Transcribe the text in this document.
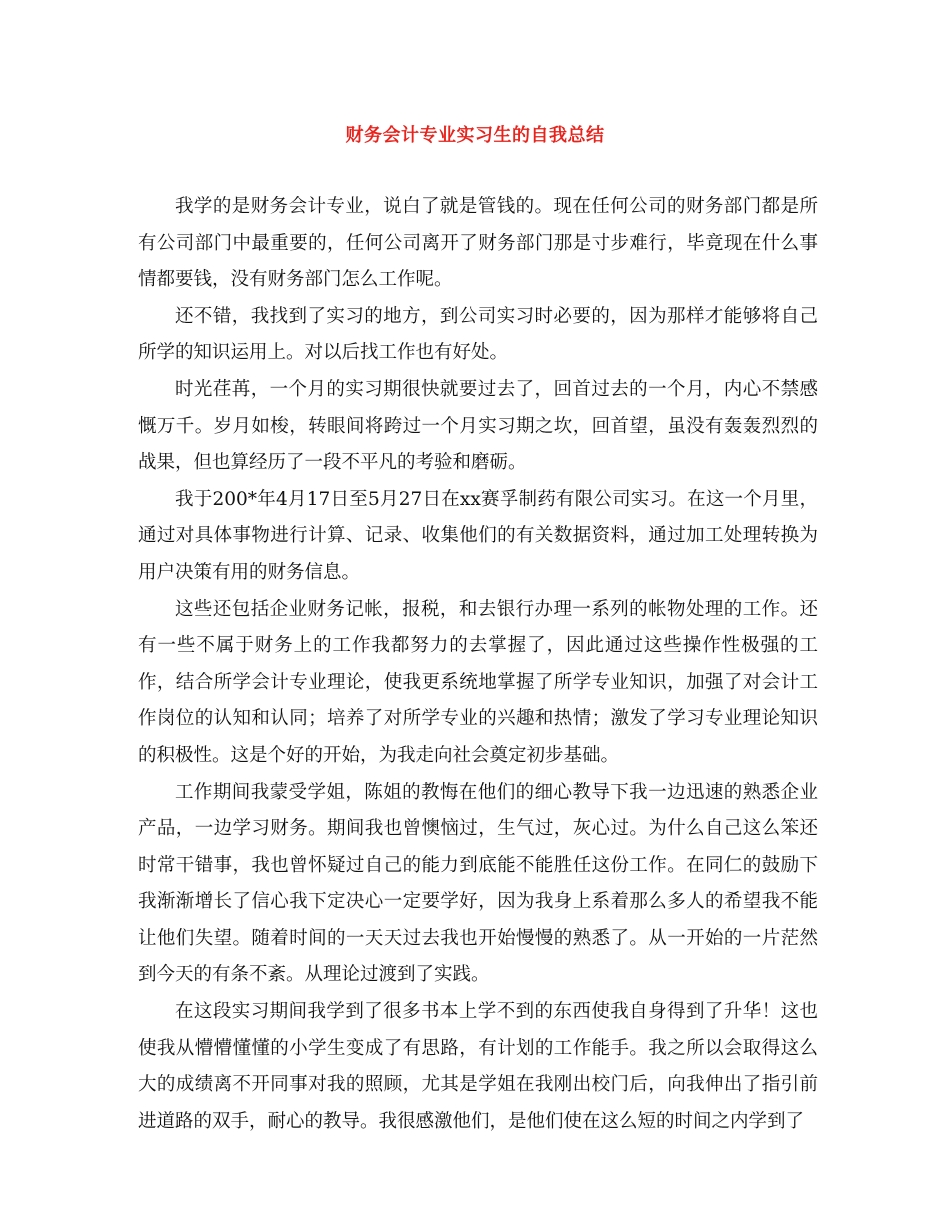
财务会计专业实习生的自我总结

我学的是财务会计专业，说白了就是管钱的。现在任何公司的财务部门都是所有公司部门中最重要的，任何公司离开了财务部门那是寸步难行，毕竟现在什么事情都要钱，没有财务部门怎么工作呢。

还不错，我找到了实习的地方，到公司实习时必要的，因为那样才能够将自己所学的知识运用上。对以后找工作也有好处。

时光荏苒，一个月的实习期很快就要过去了，回首过去的一个月，内心不禁感慨万千。岁月如梭，转眼间将跨过一个月实习期之坎，回首望，虽没有轰轰烈烈的战果，但也算经历了一段不平凡的考验和磨砺。

我于200*年4月17日至5月27日在xx赛孚制药有限公司实习。在这一个月里，通过对具体事物进行计算、记录、收集他们的有关数据资料，通过加工处理转换为用户决策有用的财务信息。

这些还包括企业财务记帐，报税，和去银行办理一系列的帐物处理的工作。还有一些不属于财务上的工作我都努力的去掌握了，因此通过这些操作性极强的工作，结合所学会计专业理论，使我更系统地掌握了所学专业知识，加强了对会计工作岗位的认知和认同；培养了对所学专业的兴趣和热情；激发了学习专业理论知识的积极性。这是个好的开始，为我走向社会奠定初步基础。

工作期间我蒙受学姐，陈姐的教悔在他们的细心教导下我一边迅速的熟悉企业产品，一边学习财务。期间我也曾懊恼过，生气过，灰心过。为什么自己这么笨还时常干错事，我也曾怀疑过自己的能力到底能不能胜任这份工作。在同仁的鼓励下我渐渐增长了信心我下定决心一定要学好，因为我身上系着那么多人的希望我不能让他们失望。随着时间的一天天过去我也开始慢慢的熟悉了。从一开始的一片茫然到今天的有条不紊。从理论过渡到了实践。

在这段实习期间我学到了很多书本上学不到的东西使我自身得到了升华！这也使我从懵懵懂懂的小学生变成了有思路，有计划的工作能手。我之所以会取得这么大的成绩离不开同事对我的照顾，尤其是学姐在我刚出校门后，向我伸出了指引前进道路的双手，耐心的教导。我很感激他们，是他们使在这么短的时间之内学到了
